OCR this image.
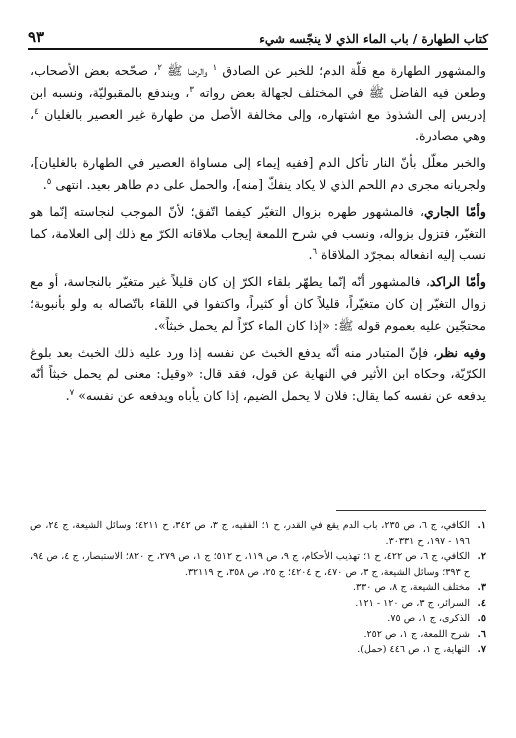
كتاب الطهارة / باب الماء الذي لا ينجّسه شيء
٩٣

والمشهور الطهارة مع قلّة الدم؛ للخبر عن الصادق $^١$ والرضا ﷺ $^٢$، صحّحه بعض الأصحاب، وطعن فيه الفاضل ﷺ في المختلف لجهالة بعض رواته $^٣$، ويندفع بالمقبوليّة، ونسبه ابن إدريس إلى الشذوذ مع اشتهاره، وإلى مخالفة الأصل من طهارة غير العصير بالغليان $^٤$، وهي مصادرة.

والخبر معلّل بأنّ النار تأكل الدم [ففيه إيماء إلى مساواة العصير في الطهارة بالغليان]، ولجريانه مجرى دم اللحم الذي لا يكاد ينفكّ [منه]، والحمل على دم طاهر بعيد. انتهى $^٥$.

وأمّا الجاري، فالمشهور طهره بزوال التغيّر كيفما اتّفق؛ لأنّ الموجب لنجاسته إنّما هو التغيّر، فتزول بزواله، ونسب في شرح اللمعة إيجاب ملاقاته الكرّ مع ذلك إلى العلامة، كما نسب إليه انفعاله بمجرّد الملاقاة $^٦$.

وأمّا الراكد، فالمشهور أنّه إنّما يطهّر بلقاء الكرّ إن كان قليلاً غير متغيّر بالنجاسة، أو مع زوال التغيّر إن كان متغيّراً، قليلاً كان أو كثيراً، واكتفوا في اللقاء باتّصاله به ولو بأنبوبة؛ محتجّين عليه بعموم قوله ﷺ: «إذا كان الماء كرّاً لم يحمل خبثاً».

وفيه نظر، فإنّ المتبادر منه أنّه يدفع الخبث عن نفسه إذا ورد عليه ذلك الخبث بعد بلوغ الكرّيّة، وحكاه ابن الأثير في النهاية عن قول، فقد قال: «وقيل: معنى لم يحمل خبثاً أنّه يدفعه عن نفسه كما يقال: فلان لا يحمل الضيم، إذا كان يأباه ويدفعه عن نفسه» $^٧$.

١.
الكافي، ج ٦، ص ٢٣٥، باب الدم يقع في القدر، ح ١؛ الفقيه، ج ٣، ص ٣٤٢، ح ٤٢١١؛ وسائل الشيعة، ج ٢٤، ص ١٩٦ - ١٩٧، ح ٣٠٣٣١.
٢.
الكافي، ج ٦، ص ٤٢٢، ح ١؛ تهذيب الأحكام، ج ٩، ص ١١٩، ح ٥١٢؛ ج ١، ص ٢٧٩، ح ٨٢٠؛ الاستبصار، ج ٤، ص ٩٤، ح ٣٩٣؛ وسائل الشيعة، ج ٣، ص ٤٧٠، ح ٤٢٠٤؛ ج ٢٥، ص ٣٥٨، ح ٣٢١١٩.
٣.
مختلف الشيعة، ج ٨، ص ٣٣٠.
٤.
السرائر، ج ٣، ص ١٢٠ - ١٢١.
٥.
الذكرى، ج ١، ص ٧٥.
٦.
شرح اللمعة، ج ١، ص ٢٥٢.
٧.
النهاية، ج ١، ص ٤٤٦ (حمل).
